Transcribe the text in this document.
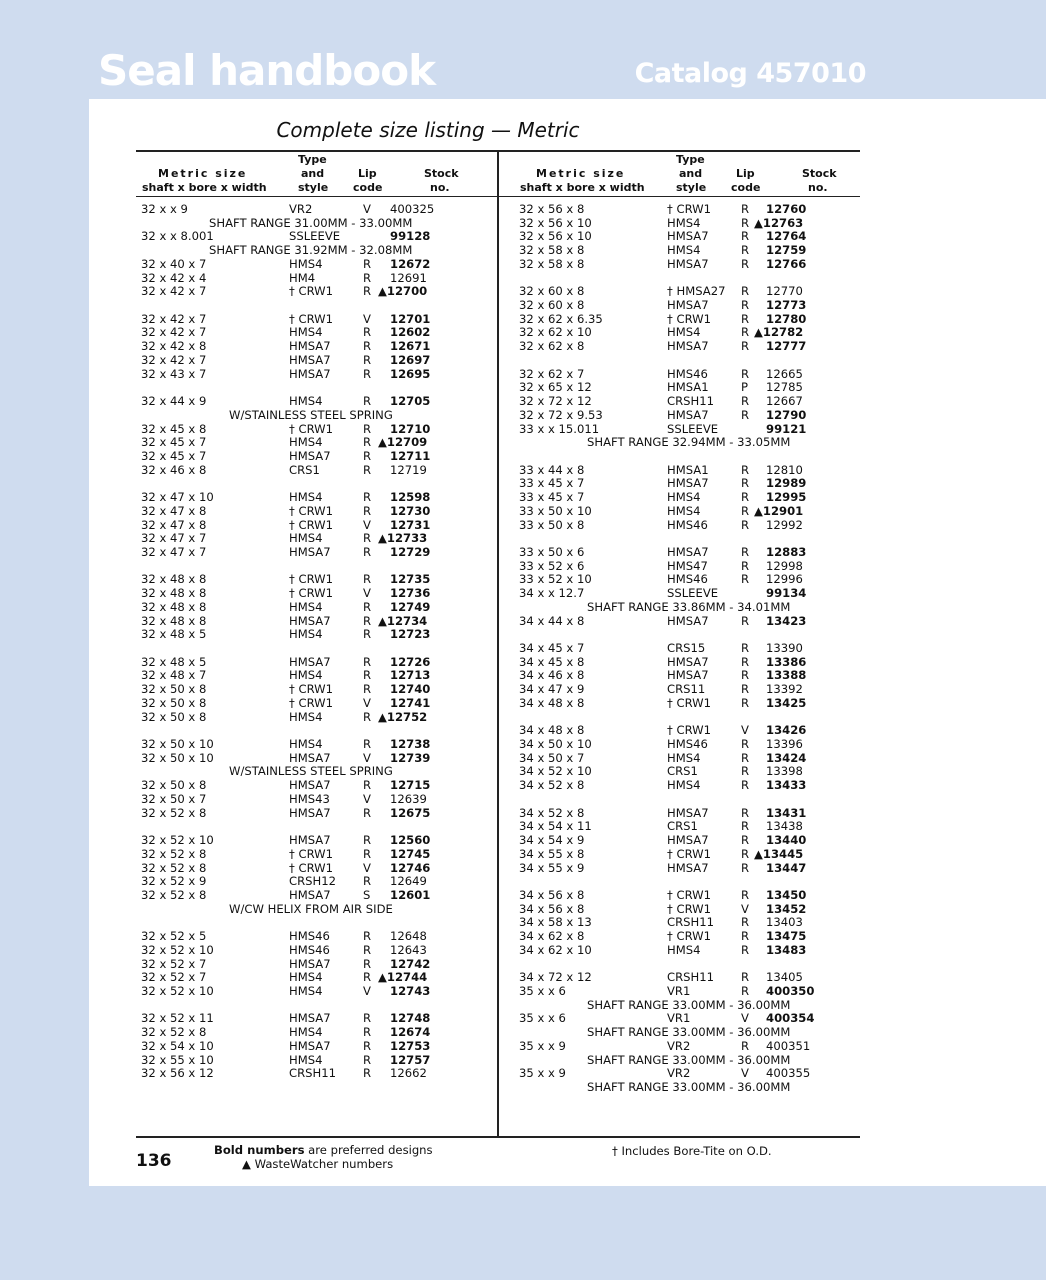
Seal handbook	Catalog 457010
Complete size listing — Metric
Type
Metric size	and	Lip	Stock
shaft x bore x width	style code	no.
Type
Metric size	and	Lip	Stock
shaft x bore x width	style code	no.
32 x x 9	VR2	V 400325
SHAFT RANGE 31.00MM - 33.00MM
32 x x 8.001	SSLEEVE	99128
SHAFT RANGE 31.92MM - 32.08MM
32 x 40 x 7	HMS4	R 12672
32 x 42 x 4	HM4	R 12691
32 x 42 x 7	† CRW1	R ▲12700
32 x 42 x 7	† CRW1	V 12701
32 x 42 x 7	HMS4	R 12602
32 x 42 x 8	HMSA7	R 12671
32 x 42 x 7	HMSA7	R 12697
32 x 43 x 7	HMSA7	R 12695
32 x 44 x 9	HMS4	R 12705
W/STAINLESS STEEL SPRING
32 x 45 x 8	† CRW1	R 12710
32 x 45 x 7	HMS4	R ▲12709
32 x 45 x 7	HMSA7	R 12711
32 x 46 x 8	CRS1	R 12719
32 x 47 x 10	HMS4	R 12598
32 x 47 x 8	† CRW1	R 12730
32 x 47 x 8	† CRW1	V 12731
32 x 47 x 7	HMS4	R ▲12733
32 x 47 x 7	HMSA7	R 12729
32 x 48 x 8	† CRW1	R 12735
32 x 48 x 8	† CRW1	V 12736
32 x 48 x 8	HMS4	R 12749
32 x 48 x 8	HMSA7	R ▲12734
32 x 48 x 5	HMS4	R 12723
32 x 48 x 5	HMSA7	R 12726
32 x 48 x 7	HMS4	R 12713
32 x 50 x 8	† CRW1	R 12740
32 x 50 x 8	† CRW1	V 12741
32 x 50 x 8	HMS4	R ▲12752
32 x 50 x 10	HMS4	R 12738
32 x 50 x 10	HMSA7	V 12739
W/STAINLESS STEEL SPRING
32 x 50 x 8	HMSA7	R 12715
32 x 50 x 7	HMS43	V 12639
32 x 52 x 8	HMSA7	R 12675
32 x 52 x 10	HMSA7	R 12560
32 x 52 x 8	† CRW1	R 12745
32 x 52 x 8	† CRW1	V 12746
32 x 52 x 9	CRSH12 R 12649
32 x 52 x 8	HMSA7	S 12601
W/CW HELIX FROM AIR SIDE
32 x 52 x 5	HMS46	R 12648
32 x 52 x 10	HMS46	R 12643
32 x 52 x 7	HMSA7	R 12742
32 x 52 x 7	HMS4	R ▲12744
32 x 52 x 10	HMS4	V 12743
32 x 52 x 11	HMSA7	R 12748
32 x 52 x 8	HMS4	R 12674
32 x 54 x 10	HMSA7	R 12753
32 x 55 x 10	HMS4	R 12757
32 x 56 x 12	CRSH11 R 12662
32 x 56 x 8	† CRW1	R 12760
32 x 56 x 10	HMS4	R ▲12763
32 x 56 x 10	HMSA7	R 12764
32 x 58 x 8	HMS4	R 12759
32 x 58 x 8	HMSA7	R 12766
32 x 60 x 8	† HMSA27 R 12770
32 x 60 x 8	HMSA7	R 12773
32 x 62 x 6.35	† CRW1	R 12780
32 x 62 x 10	HMS4	R ▲12782
32 x 62 x 8	HMSA7	R 12777
32 x 62 x 7	HMS46	R 12665
32 x 65 x 12	HMSA1	P 12785
32 x 72 x 12	CRSH11 R 12667
32 x 72 x 9.53	HMSA7	R 12790
33 x x 15.011	SSLEEVE	99121
SHAFT RANGE 32.94MM - 33.05MM
33 x 44 x 8	HMSA1	R 12810
33 x 45 x 7	HMSA7	R 12989
33 x 45 x 7	HMS4	R 12995
33 x 50 x 10	HMS4	R ▲12901
33 x 50 x 8	HMS46	R 12992
33 x 50 x 6	HMSA7	R 12883
33 x 52 x 6	HMS47	R 12998
33 x 52 x 10	HMS46	R 12996
34 x x 12.7	SSLEEVE	99134
SHAFT RANGE 33.86MM - 34.01MM
34 x 44 x 8	HMSA7	R 13423
34 x 45 x 7	CRS15	R 13390
34 x 45 x 8	HMSA7	R 13386
34 x 46 x 8	HMSA7	R 13388
34 x 47 x 9	CRS11	R 13392
34 x 48 x 8	† CRW1	R 13425
34 x 48 x 8	† CRW1	V 13426
34 x 50 x 10	HMS46	R 13396
34 x 50 x 7	HMS4	R 13424
34 x 52 x 10	CRS1	R 13398
34 x 52 x 8	HMS4	R 13433
34 x 52 x 8	HMSA7	R 13431
34 x 54 x 11	CRS1	R 13438
34 x 54 x 9	HMSA7	R 13440
34 x 55 x 8	† CRW1	R ▲13445
34 x 55 x 9	HMSA7	R 13447
34 x 56 x 8	† CRW1	R 13450
34 x 56 x 8	† CRW1	V 13452
34 x 58 x 13	CRSH11 R 13403
34 x 62 x 8	† CRW1	R 13475
34 x 62 x 10	HMS4	R 13483
34 x 72 x 12	CRSH11 R 13405
35 x x 6	VR1	R 400350
SHAFT RANGE 33.00MM - 36.00MM
35 x x 6	VR1	V 400354
SHAFT RANGE 33.00MM - 36.00MM
35 x x 9	VR2	R 400351
SHAFT RANGE 33.00MM - 36.00MM
35 x x 9	VR2	V 400355
SHAFT RANGE 33.00MM - 36.00MM
136
Bold numbers are preferred designs
▲ WasteWatcher numbers
† Includes Bore-Tite on O.D.
